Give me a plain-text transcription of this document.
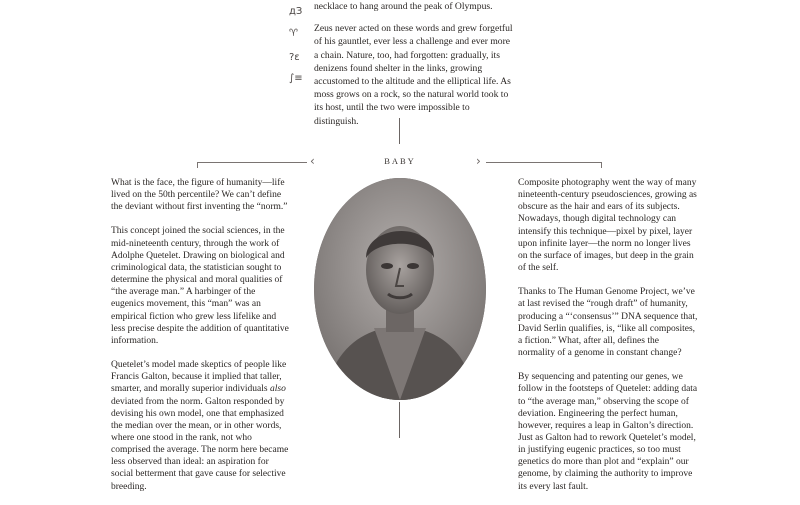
дЗ
♈
?ε
∫≡

necklace to hang around the peak of Olympus.

Zeus never acted on these words and grew forgetful of his gauntlet, ever less a challenge and ever more a chain. Nature, too, had forgotten: gradually, its denizens found shelter in the links, growing accustomed to the altitude and the elliptical life. As moss grows on a rock, so the natural world took to its host, until the two were impossible to distinguish.

‹	BABY	›

What is the face, the figure of humanity—life lived on the 50th percentile? We can’t define the deviant without first inventing the “norm.”

This concept joined the social sciences, in the mid-nineteenth century, through the work of Adolphe Quetelet. Drawing on biological and criminological data, the statistician sought to determine the physical and moral qualities of “the average man.” A harbinger of the eugenics movement, this “man” was an empirical fiction who grew less lifelike and less precise despite the addition of quantitative information.

Quetelet’s model made skeptics of people like Francis Galton, because it implied that taller, smarter, and morally superior individuals also deviated from the norm. Galton responded by devising his own model, one that emphasized the median over the mean, or in other words, where one stood in the rank, not who comprised the average. The norm here became less observed than ideal: an aspiration for social betterment that gave cause for selective breeding.

Composite photography went the way of many nineteenth-century pseudosciences, growing as obscure as the hair and ears of its subjects. Nowadays, though digital technology can intensify this technique—pixel by pixel, layer upon infinite layer—the norm no longer lives on the surface of images, but deep in the grain of the self.

Thanks to The Human Genome Project, we’ve at last revised the “rough draft” of humanity, producing a “‘consensus’” DNA sequence that, David Serlin qualifies, is, “like all composites, a fiction.” What, after all, defines the normality of a genome in constant change?

By sequencing and patenting our genes, we follow in the footsteps of Quetelet: adding data to “the average man,” observing the scope of deviation. Engineering the perfect human, however, requires a leap in Galton’s direction. Just as Galton had to rework Quetelet’s model, in justifying eugenic practices, so too must genetics do more than plot and “explain” our genome, by claiming the authority to improve its every last fault.
